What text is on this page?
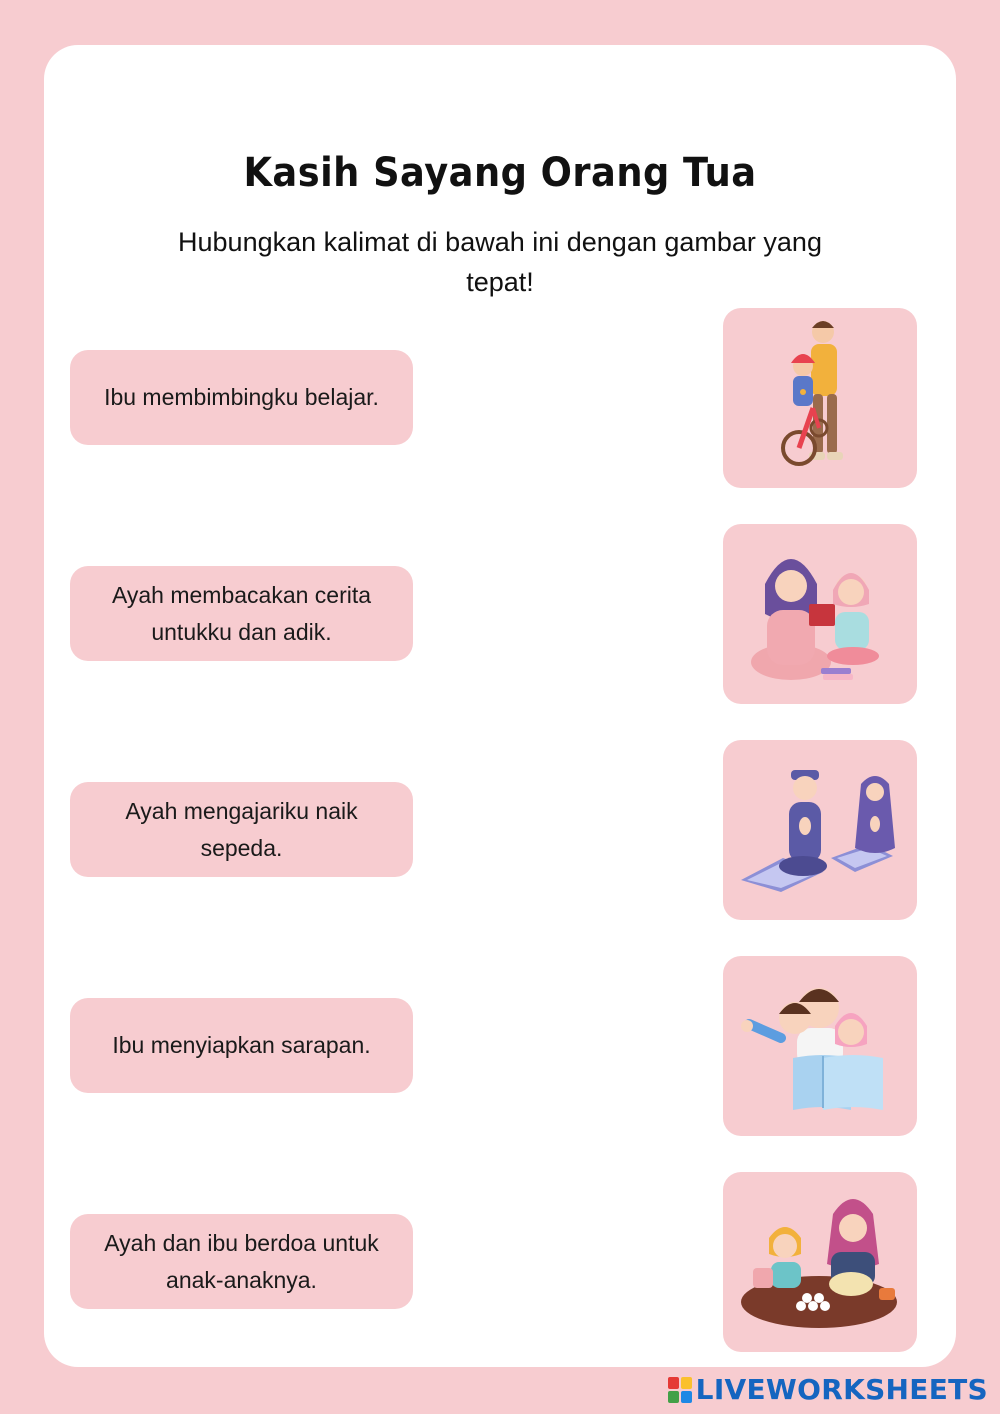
Kasih Sayang Orang Tua
Hubungkan kalimat di bawah ini dengan gambar yang tepat!
Ibu membimbingku belajar.
Ayah membacakan cerita untukku dan adik.
Ayah mengajariku naik sepeda.
Ibu menyiapkan sarapan.
Ayah dan ibu berdoa untuk anak-anaknya.
LIVEWORKSHEETS
